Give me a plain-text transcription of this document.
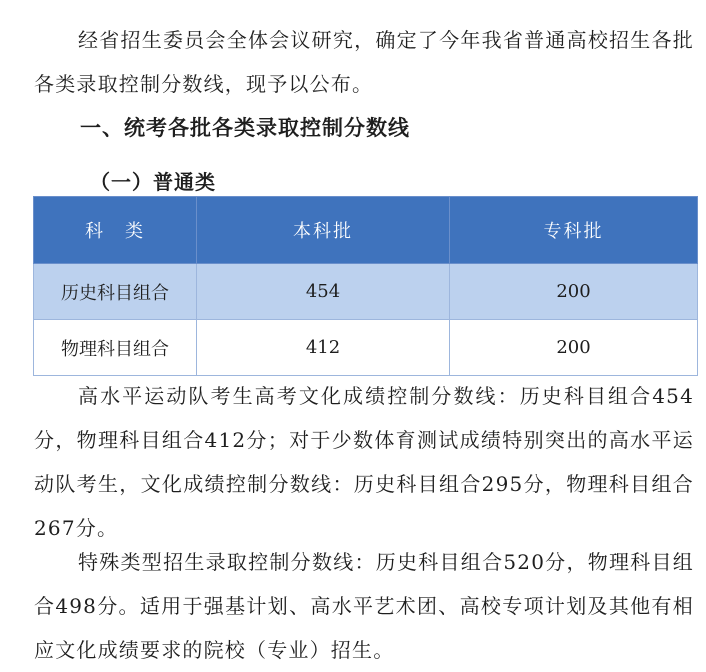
经省招生委员会全体会议研究，确定了今年我省普通高校招生各批各类录取控制分数线，现予以公布。
一、统考各批各类录取控制分数线
（一）普通类
科　类	本科批	专科批
历史科目组合	454	200
物理科目组合	412	200
高水平运动队考生高考文化成绩控制分数线：历史科目组合454分，物理科目组合412分；对于少数体育测试成绩特别突出的高水平运动队考生，文化成绩控制分数线：历史科目组合295分，物理科目组合267分。
特殊类型招生录取控制分数线：历史科目组合520分，物理科目组合498分。适用于强基计划、高水平艺术团、高校专项计划及其他有相应文化成绩要求的院校（专业）招生。
